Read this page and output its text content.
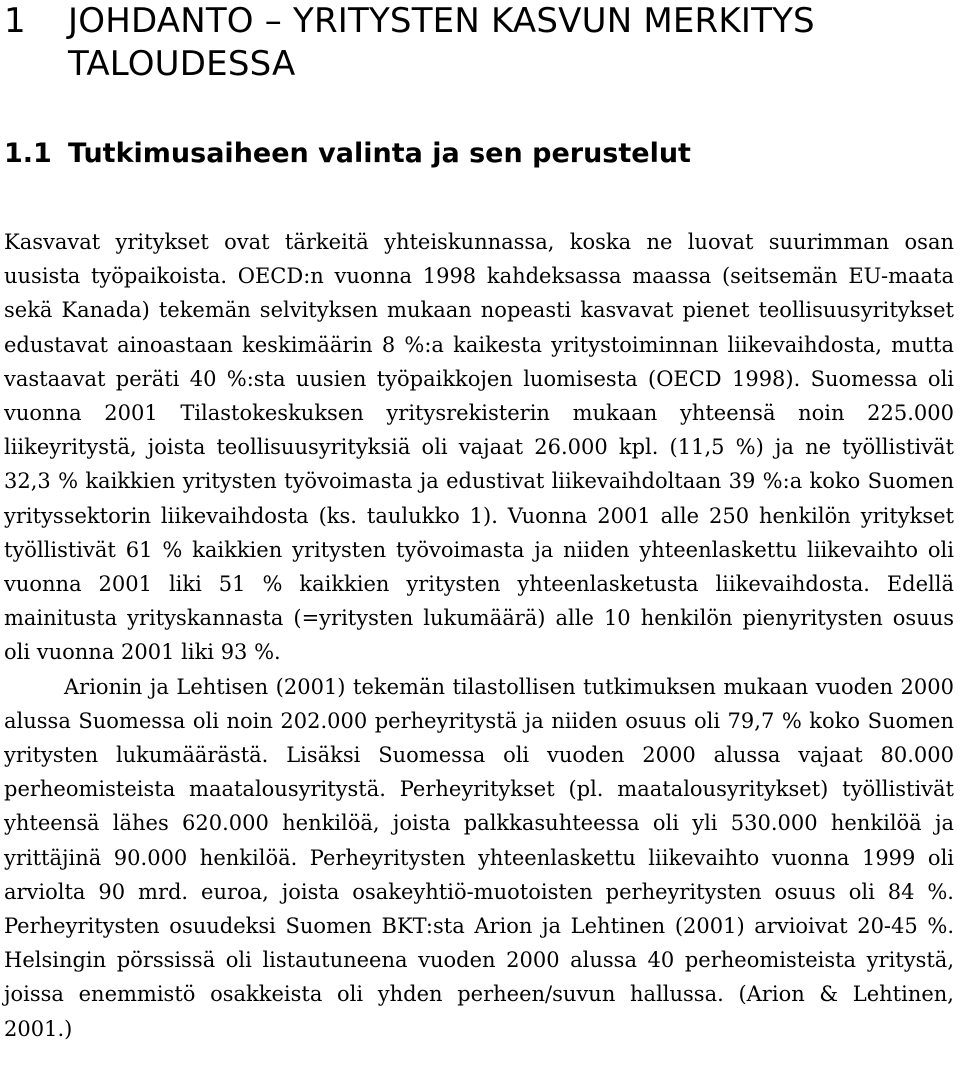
1	JOHDANTO – YRITYSTEN KASVUN MERKITYS TALOUDESSA
1.1 Tutkimusaiheen valinta ja sen perustelut

Kasvavat yritykset ovat tärkeitä yhteiskunnassa, koska ne luovat suurimman osan uusista työpaikoista. OECD:n vuonna 1998 kahdeksassa maassa (seitsemän EU-maata sekä Kanada) tekemän selvityksen mukaan nopeasti kasvavat pienet teollisuusyritykset edustavat ainoastaan keskimäärin 8 %:a kaikesta yritystoiminnan liikevaihdosta, mutta vastaavat peräti 40 %:sta uusien työpaikkojen luomisesta (OECD 1998). Suomessa oli vuonna 2001 Tilastokeskuksen yritysrekisterin mukaan yhteensä noin 225.000 liikeyritystä, joista teollisuusyrityksiä oli vajaat 26.000 kpl. (11,5 %) ja ne työllistivät 32,3 % kaikkien yritysten työvoimasta ja edustivat liikevaihdoltaan 39 %:a koko Suomen yrityssektorin liikevaihdosta (ks. taulukko 1). Vuonna 2001 alle 250 henkilön yritykset työllistivät 61 % kaikkien yritysten työvoimasta ja niiden yhteenlaskettu liikevaihto oli vuonna 2001 liki 51 % kaikkien yritysten yhteenlasketusta liikevaihdosta. Edellä mainitusta yrityskannasta (=yritysten lukumäärä) alle 10 henkilön pienyritysten osuus oli vuonna 2001 liki 93 %.

Arionin ja Lehtisen (2001) tekemän tilastollisen tutkimuksen mukaan vuoden 2000 alussa Suomessa oli noin 202.000 perheyritystä ja niiden osuus oli 79,7 % koko Suomen yritysten lukumäärästä. Lisäksi Suomessa oli vuoden 2000 alussa vajaat 80.000 perheomisteista maatalousyritystä. Perheyritykset (pl. maatalousyritykset) työllistivät yhteensä lähes 620.000 henkilöä, joista palkkasuhteessa oli yli 530.000 henkilöä ja yrittäjinä 90.000 henkilöä. Perheyritysten yhteenlaskettu liikevaihto vuonna 1999 oli arviolta 90 mrd. euroa, joista osakeyhtiö-muotoisten perheyritysten osuus oli 84 %. Perheyritysten osuudeksi Suomen BKT:sta Arion ja Lehtinen (2001) arvioivat 20-45 %. Helsingin pörssissä oli listautuneena vuoden 2000 alussa 40 perheomisteista yritystä, joissa enemmistö osakkeista oli yhden perheen/suvun hallussa. (Arion & Lehtinen, 2001.)
